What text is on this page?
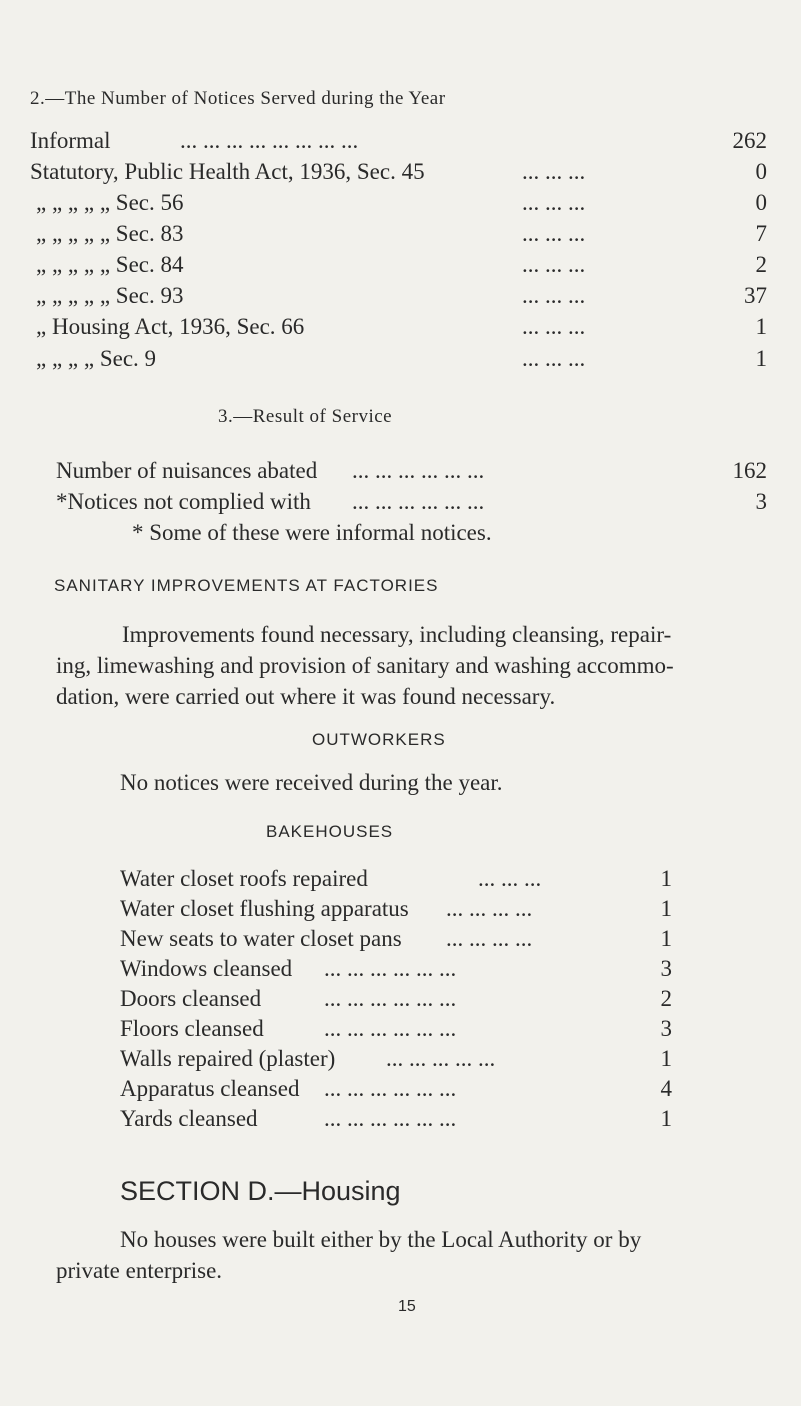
2.—The Number of Notices Served during the Year
Informal	... ... ... ... ... ... ... ...	262
Statutory, Public Health Act, 1936, Sec. 45	... ... ...	0
„ „ „ „ „ Sec. 56	... ... ...	0
„ „ „ „ „ Sec. 83	... ... ...	7
„ „ „ „ „ Sec. 84	... ... ...	2
„ „ „ „ „ Sec. 93	... ... ...	37
„ Housing Act, 1936, Sec. 66	... ... ...	1
„ „ „ „ Sec. 9	... ... ...	1
3.—Result of Service
Number of nuisances abated ... ... ... ... ... ...	162
*Notices not complied with ... ... ... ... ... ...	3
* Some of these were informal notices.
SANITARY IMPROVEMENTS AT FACTORIES
Improvements found necessary, including cleansing, repair-
ing, limewashing and provision of sanitary and washing accommo-
dation, were carried out where it was found necessary.
OUTWORKERS
No notices were received during the year.
BAKEHOUSES
Water closet roofs repaired	... ... ...	1
Water closet flushing apparatus ... ... ... ...	1
New seats to water closet pans ... ... ... ...	1
Windows cleansed ... ... ... ... ... ...	3
Doors cleansed	... ... ... ... ... ...	2
Floors cleansed	... ... ... ... ... ...	3
Walls repaired (plaster) ... ... ... ... ...	1
Apparatus cleansed ... ... ... ... ... ...	4
Yards cleansed	... ... ... ... ... ...	1
SECTION D.—Housing
No houses were built either by the Local Authority or by
private enterprise.
15
